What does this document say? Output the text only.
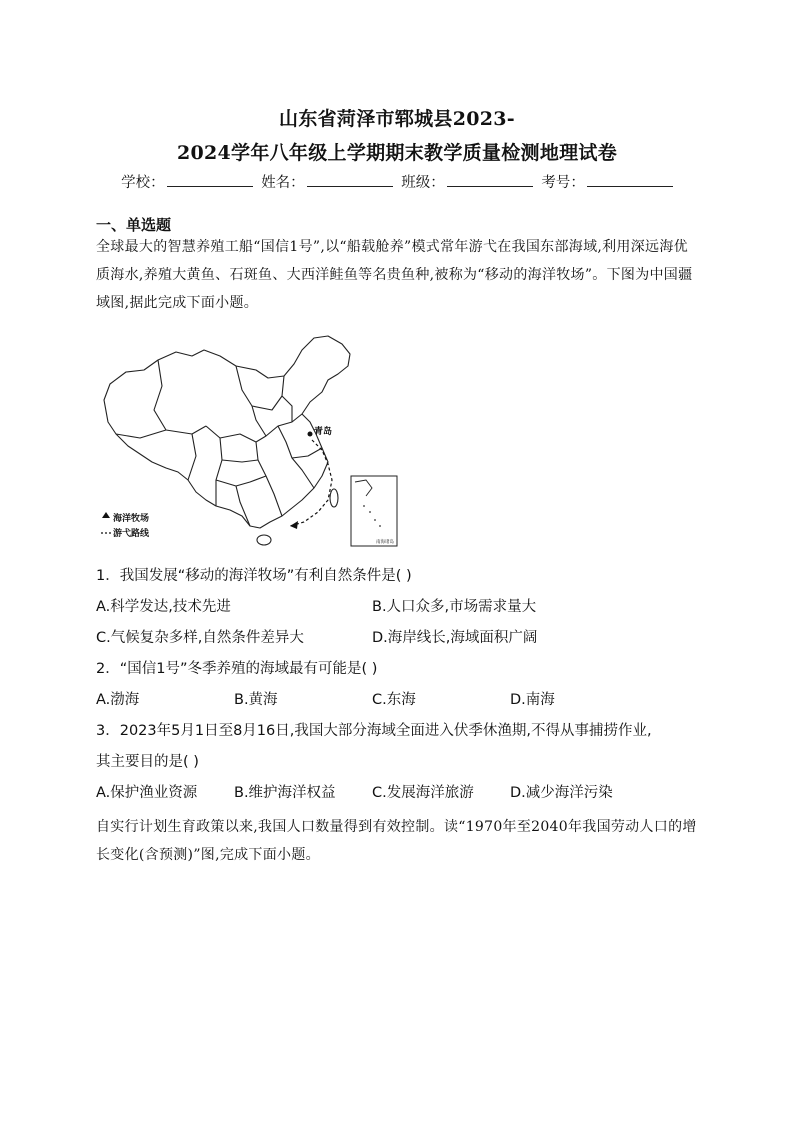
山东省菏泽市郓城县2023-
2024学年八年级上学期期末教学质量检测地理试卷
学校：	姓名：	班级：	考号：
一、单选题
全球最大的智慧养殖工船“国信1号”,以“船载舱养”模式常年游弋在我国东部海域,利用深远海优质海水,养殖大黄鱼、石斑鱼、大西洋鲑鱼等名贵鱼种,被称为“移动的海洋牧场”。下图为中国疆域图,据此完成下面小题。
青岛
海洋牧场
游弋路线
南海诸岛
1．我国发展“移动的海洋牧场”有利自然条件是( )
A.科学发达,技术先进	B.人口众多,市场需求量大
C.气候复杂多样,自然条件差异大	D.海岸线长,海域面积广阔
2．“国信1号”冬季养殖的海域最有可能是( )
A.渤海	B.黄海	C.东海	D.南海
3．2023年5月1日至8月16日,我国大部分海域全面进入伏季休渔期,不得从事捕捞作业,
其主要目的是( )
A.保护渔业资源	B.维护海洋权益	C.发展海洋旅游	D.减少海洋污染
自实行计划生育政策以来,我国人口数量得到有效控制。读“1970年至2040年我国劳动人口的增长变化(含预测)”图,完成下面小题。
